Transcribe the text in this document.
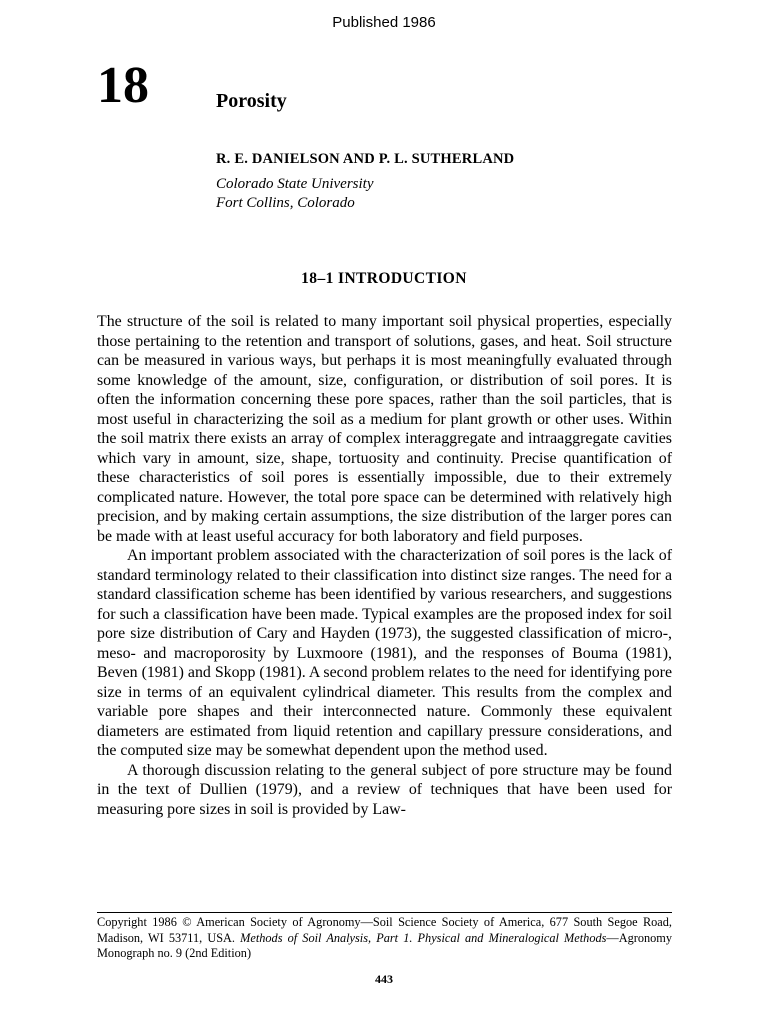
Published 1986
18	Porosity
R. E. DANIELSON AND P. L. SUTHERLAND
Colorado State University
Fort Collins, Colorado
18–1 INTRODUCTION

The structure of the soil is related to many important soil physical properties, especially those pertaining to the retention and transport of solutions, gases, and heat. Soil structure can be measured in various ways, but perhaps it is most meaningfully evaluated through some knowledge of the amount, size, configuration, or distribution of soil pores. It is often the information concerning these pore spaces, rather than the soil particles, that is most useful in characterizing the soil as a medium for plant growth or other uses. Within the soil matrix there exists an array of complex interaggregate and intraaggregate cavities which vary in amount, size, shape, tortuosity and continuity. Precise quantification of these characteristics of soil pores is essentially impossible, due to their extremely complicated nature. However, the total pore space can be determined with relatively high precision, and by making certain assumptions, the size distribution of the larger pores can be made with at least useful accuracy for both laboratory and field purposes.

An important problem associated with the characterization of soil pores is the lack of standard terminology related to their classification into distinct size ranges. The need for a standard classification scheme has been identified by various researchers, and suggestions for such a classification have been made. Typical examples are the proposed index for soil pore size distribution of Cary and Hayden (1973), the suggested classification of micro-, meso- and macroporosity by Luxmoore (1981), and the responses of Bouma (1981), Beven (1981) and Skopp (1981). A second problem relates to the need for identifying pore size in terms of an equivalent cylindrical diameter. This results from the complex and variable pore shapes and their interconnected nature. Commonly these equivalent diameters are estimated from liquid retention and capillary pressure considerations, and the computed size may be somewhat dependent upon the method used.

A thorough discussion relating to the general subject of pore structure may be found in the text of Dullien (1979), and a review of techniques that have been used for measuring pore sizes in soil is provided by Law-

Copyright 1986 © American Society of Agronomy—Soil Science Society of America, 677 South Segoe Road, Madison, WI 53711, USA. Methods of Soil Analysis, Part 1. Physical and Mineralogical Methods—Agronomy Monograph no. 9 (2nd Edition)
443
